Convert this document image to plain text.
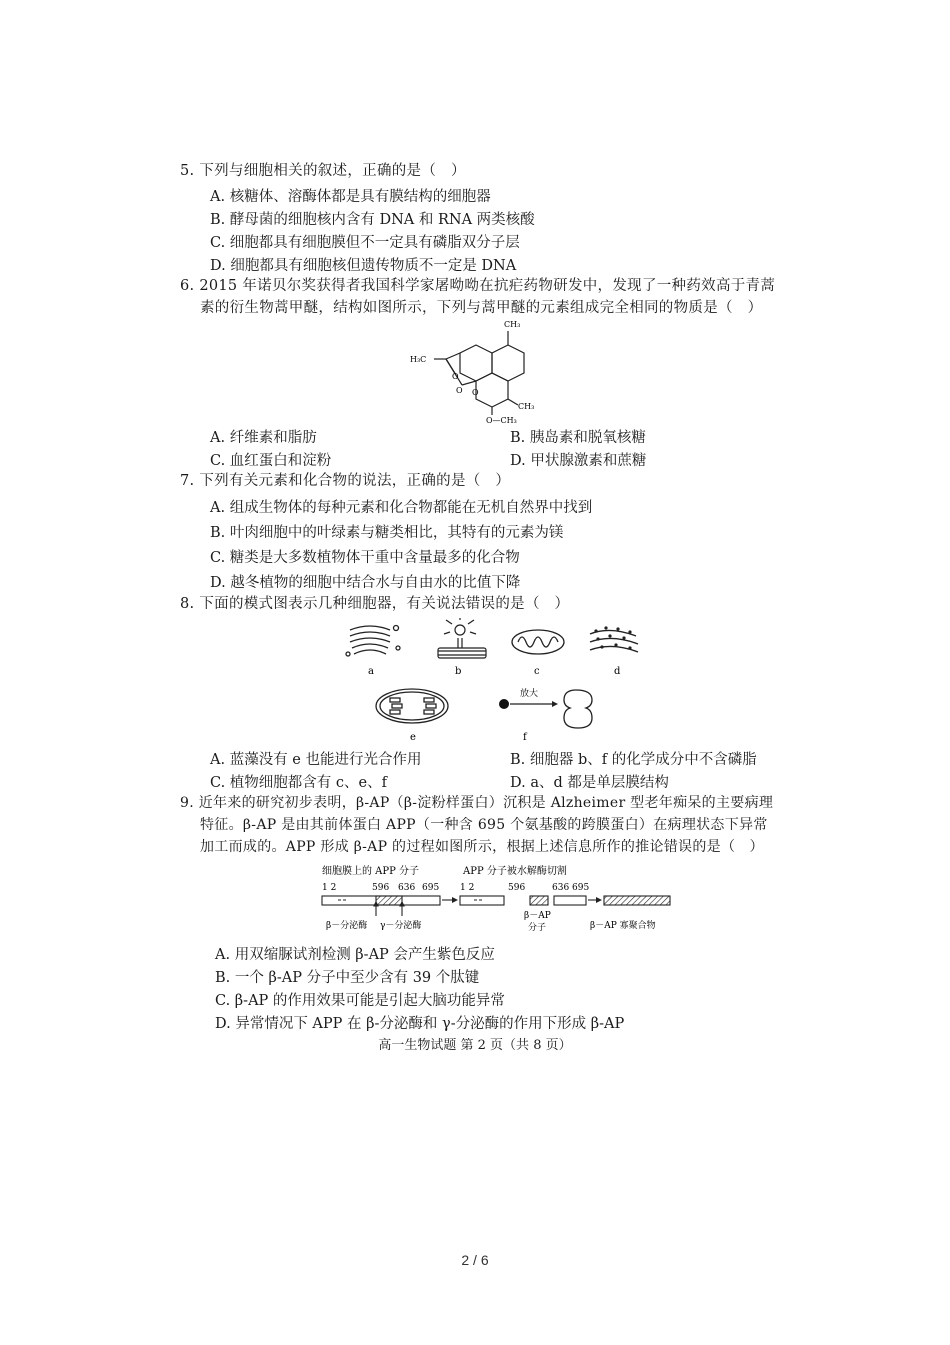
5. 下列与细胞相关的叙述，正确的是（　）
A. 核糖体、溶酶体都是具有膜结构的细胞器
B. 酵母菌的细胞核内含有 DNA 和 RNA 两类核酸
C. 细胞都具有细胞膜但不一定具有磷脂双分子层
D. 细胞都具有细胞核但遗传物质不一定是 DNA
6. 2015 年诺贝尔奖获得者我国科学家屠呦呦在抗疟药物研发中，发现了一种药效高于青蒿
素的衍生物蒿甲醚，结构如图所示，下列与蒿甲醚的元素组成完全相同的物质是（　）
CH₃
H₃C
O
O O
CH₃
O—CH₃
A. 纤维素和脂肪	B. 胰岛素和脱氧核糖
C. 血红蛋白和淀粉	D. 甲状腺激素和蔗糖
7. 下列有关元素和化合物的说法，正确的是（　）
A. 组成生物体的每种元素和化合物都能在无机自然界中找到
B. 叶肉细胞中的叶绿素与糖类相比，其特有的元素为镁
C. 糖类是大多数植物体干重中含量最多的化合物
D. 越冬植物的细胞中结合水与自由水的比值下降
8. 下面的模式图表示几种细胞器，有关说法错误的是（　）
a	b	c	d
e
放大
f
A. 蓝藻没有 e 也能进行光合作用	B. 细胞器 b、f 的化学成分中不含磷脂
C. 植物细胞都含有 c、e、f	D. a、d 都是单层膜结构
9. 近年来的研究初步表明，β-AP（β-淀粉样蛋白）沉积是 Alzheimer 型老年痴呆的主要病理
特征。β-AP 是由其前体蛋白 APP（一种含 695 个氨基酸的跨膜蛋白）在病理状态下异常
加工而成的。APP 形成 β-AP 的过程如图所示，根据上述信息所作的推论错误的是（　）
细胞膜上的 APP 分子	APP 分子被水解酶切割
1 2	596 636 695
β－分泌酶 γ－分泌酶
1 2	596	636 695
β－AP
分子	β－AP 寡聚合物
A. 用双缩脲试剂检测 β-AP 会产生紫色反应
B. 一个 β-AP 分子中至少含有 39 个肽键
C. β-AP 的作用效果可能是引起大脑功能异常
D. 异常情况下 APP 在 β-分泌酶和 γ-分泌酶的作用下形成 β-AP
高一生物试题 第 2 页（共 8 页）
2 / 6
